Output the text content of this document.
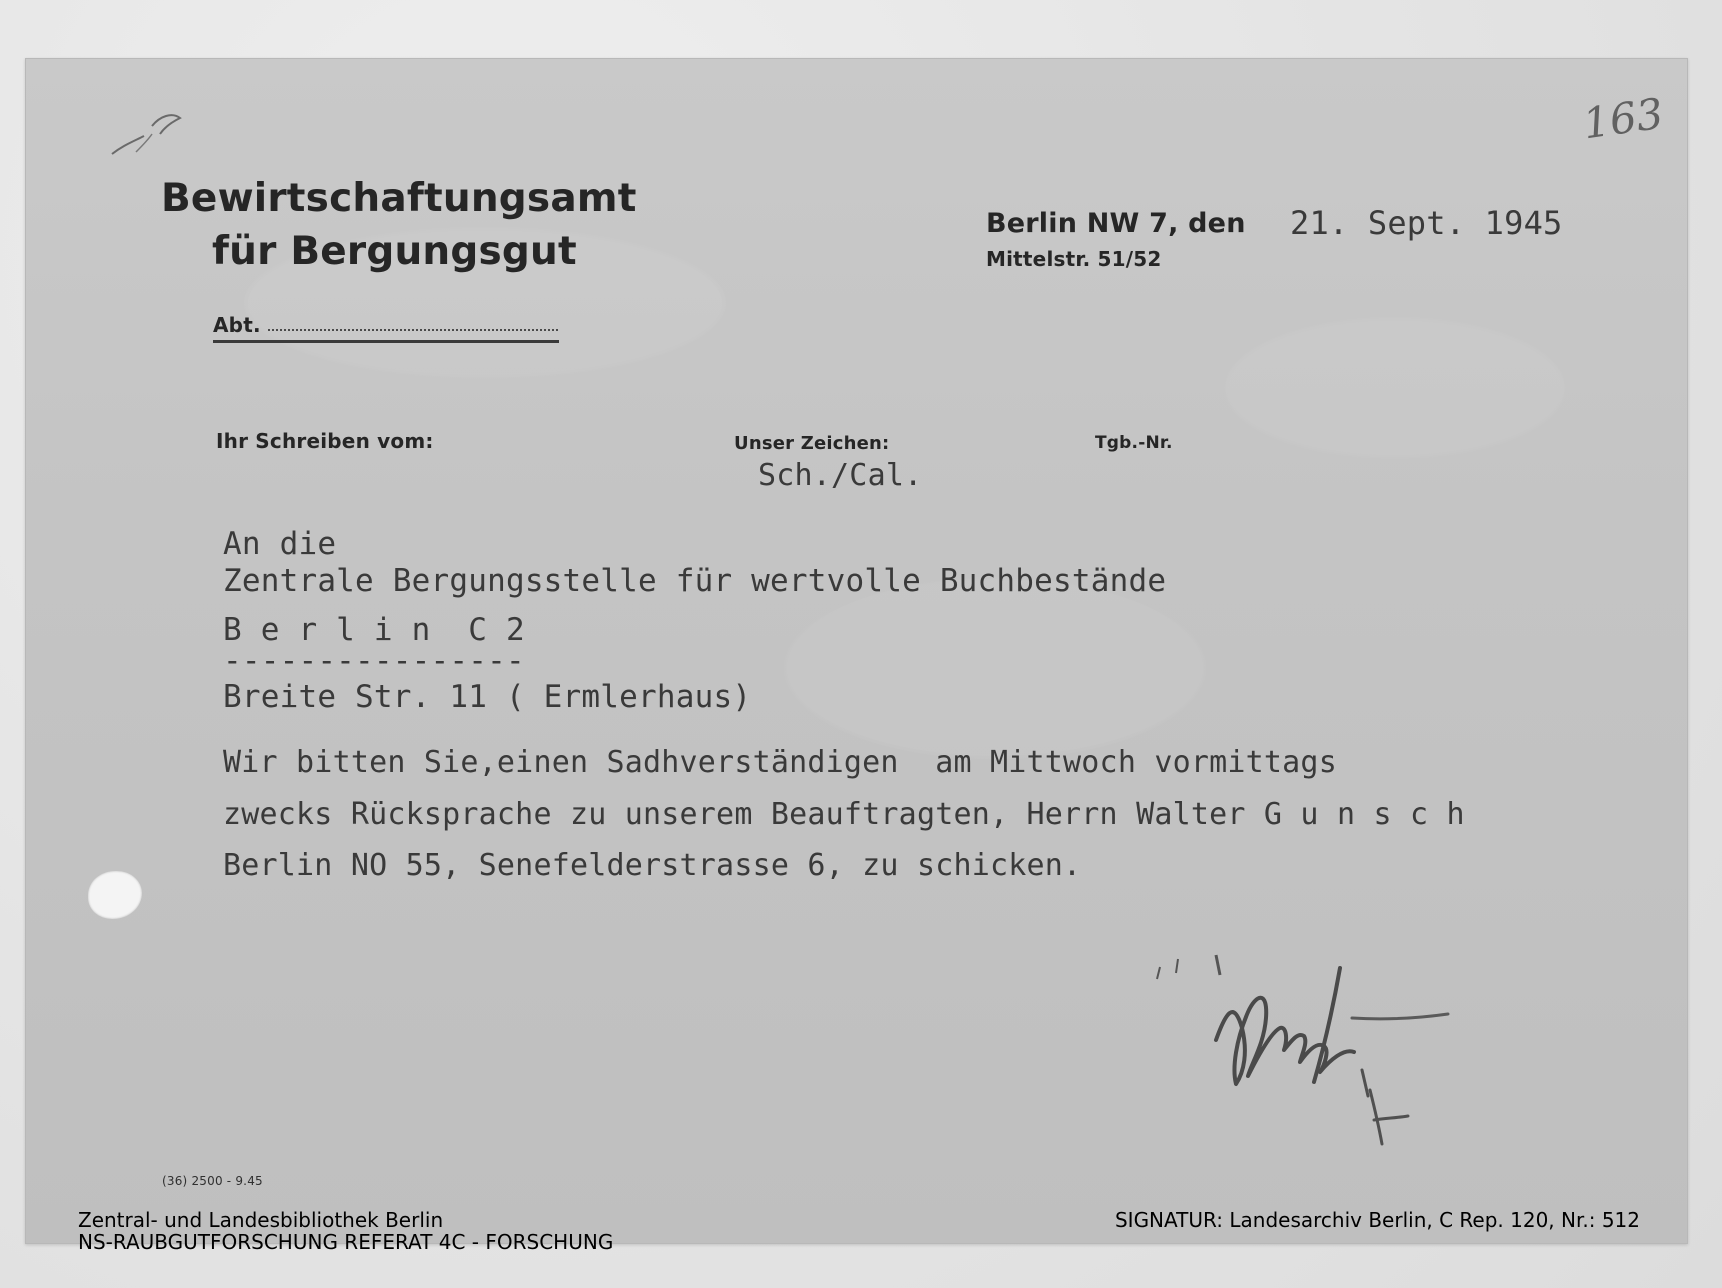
163
Bewirtschaftungsamt
für Bergungsgut
Abt.
Berlin NW 7, den
Mittelstr. 51/52
21. Sept. 1945
Ihr Schreiben vom:	Unser Zeichen:
Sch./Cal.
Tgb.-Nr.
An die
Zentrale Bergungsstelle für wertvolle Buchbestände
B e r l i n  C 2
----------------
Breite Str. 11 ( Ermlerhaus)
Wir bitten Sie,einen Sadhverständigen  am Mittwoch vormittags
zwecks Rücksprache zu unserem Beauftragten, Herrn Walter G u n s c h
Berlin NO 55, Senefelderstrasse 6, zu schicken.
(36) 2500 - 9.45
Zentral- und Landesbibliothek Berlin
NS-RAUBGUTFORSCHUNG REFERAT 4C - FORSCHUNG
SIGNATUR: Landesarchiv Berlin, C Rep. 120, Nr.: 512
